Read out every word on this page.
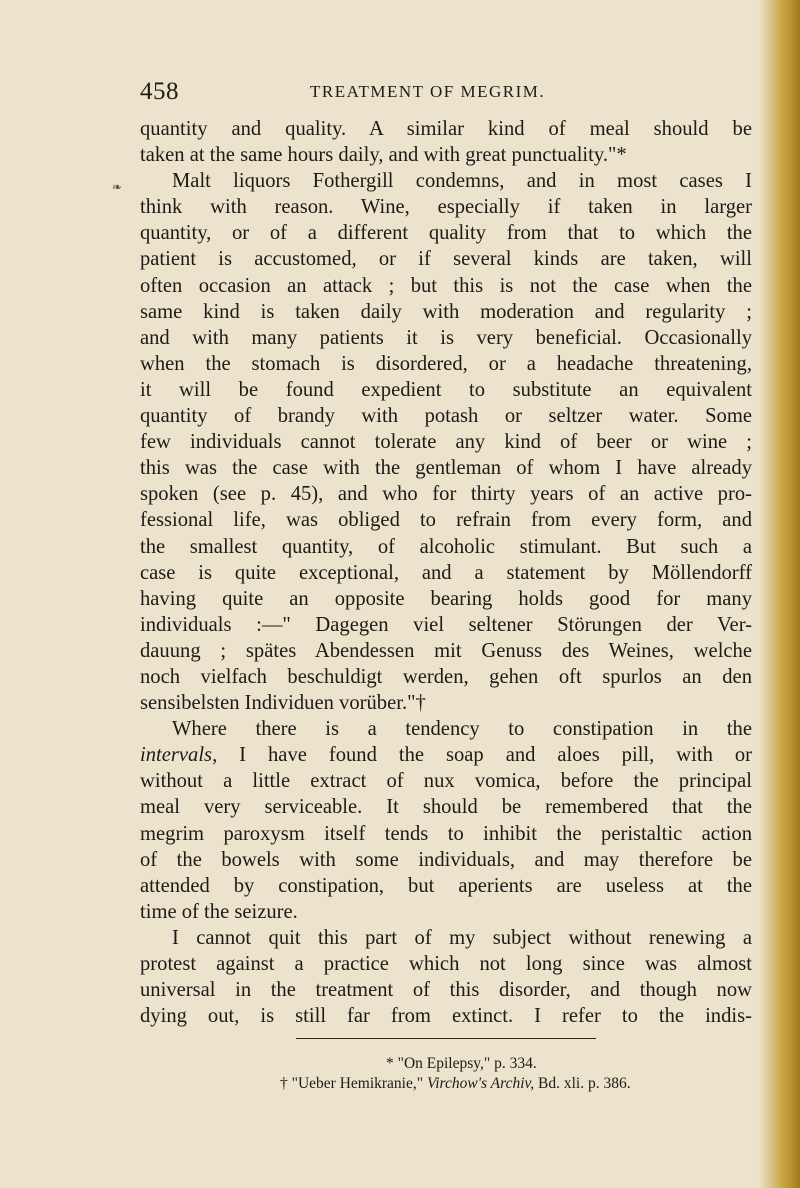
458	TREATMENT OF MEGRIM.
❧
quantity and quality. A similar kind of meal should be
taken at the same hours daily, and with great punctuality."*
Malt liquors Fothergill condemns, and in most cases I
think with reason. Wine, especially if taken in larger
quantity, or of a different quality from that to which the
patient is accustomed, or if several kinds are taken, will
often occasion an attack ; but this is not the case when the
same kind is taken daily with moderation and regularity ;
and with many patients it is very beneficial. Occasionally
when the stomach is disordered, or a headache threatening,
it will be found expedient to substitute an equivalent
quantity of brandy with potash or seltzer water. Some
few individuals cannot tolerate any kind of beer or wine ;
this was the case with the gentleman of whom I have already
spoken (see p. 45), and who for thirty years of an active pro-
fessional life, was obliged to refrain from every form, and
the smallest quantity, of alcoholic stimulant. But such a
case is quite exceptional, and a statement by Möllendorff
having quite an opposite bearing holds good for many
individuals :—" Dagegen viel seltener Störungen der Ver-
dauung ; spätes Abendessen mit Genuss des Weines, welche
noch vielfach beschuldigt werden, gehen oft spurlos an den
sensibelsten Individuen vorüber."†
Where there is a tendency to constipation in the
intervals, I have found the soap and aloes pill, with or
without a little extract of nux vomica, before the principal
meal very serviceable. It should be remembered that the
megrim paroxysm itself tends to inhibit the peristaltic action
of the bowels with some individuals, and may therefore be
attended by constipation, but aperients are useless at the
time of the seizure.
I cannot quit this part of my subject without renewing a
protest against a practice which not long since was almost
universal in the treatment of this disorder, and though now
dying out, is still far from extinct. I refer to the indis-
* "On Epilepsy," p. 334.
† "Ueber Hemikranie," Virchow's Archiv, Bd. xli. p. 386.
